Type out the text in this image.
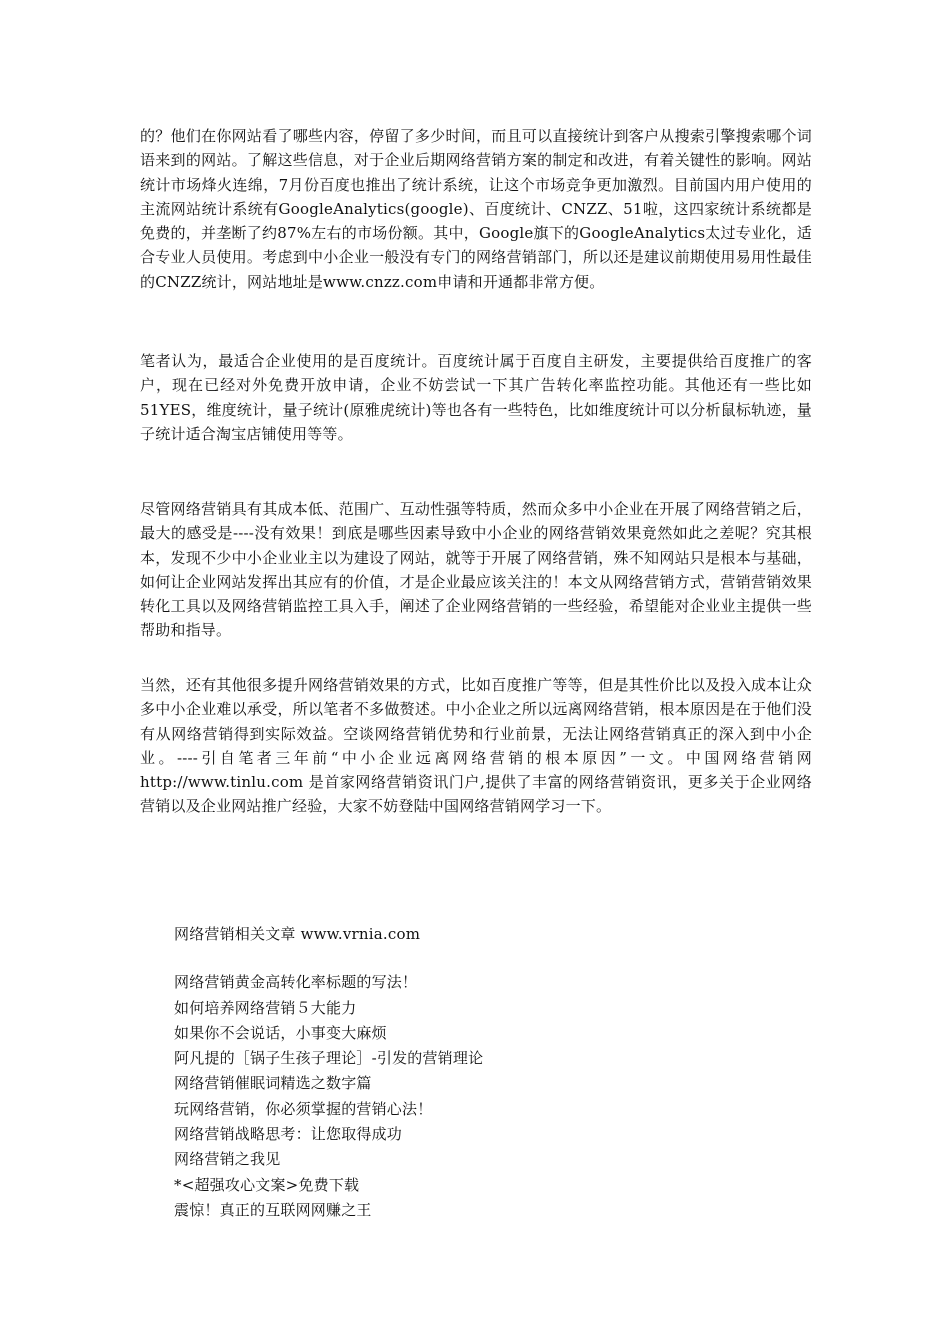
的？他们在你网站看了哪些内容，停留了多少时间，而且可以直接统计到客户从搜索引擎搜索哪个词语来到的网站。了解这些信息，对于企业后期网络营销方案的制定和改进，有着关键性的影响。网站统计市场烽火连绵，7月份百度也推出了统计系统，让这个市场竞争更加激烈。目前国内用户使用的主流网站统计系统有GoogleAnalytics(google)、百度统计、CNZZ、51啦，这四家统计系统都是免费的，并垄断了约87%左右的市场份额。其中，Google旗下的GoogleAnalytics太过专业化，适合专业人员使用。考虑到中小企业一般没有专门的网络营销部门，所以还是建议前期使用易用性最佳的CNZZ统计，网站地址是www.cnzz.com申请和开通都非常方便。

笔者认为，最适合企业使用的是百度统计。百度统计属于百度自主研发，主要提供给百度推广的客户，现在已经对外免费开放申请，企业不妨尝试一下其广告转化率监控功能。其他还有一些比如51YES，维度统计，量子统计(原雅虎统计)等也各有一些特色，比如维度统计可以分析鼠标轨迹，量子统计适合淘宝店铺使用等等。

尽管网络营销具有其成本低、范围广、互动性强等特质，然而众多中小企业在开展了网络营销之后，最大的感受是----没有效果！到底是哪些因素导致中小企业的网络营销效果竟然如此之差呢？究其根本，发现不少中小企业业主以为建设了网站，就等于开展了网络营销，殊不知网站只是根本与基础，如何让企业网站发挥出其应有的价值，才是企业最应该关注的！本文从网络营销方式，营销营销效果转化工具以及网络营销监控工具入手，阐述了企业网络营销的一些经验，希望能对企业业主提供一些帮助和指导。

当然，还有其他很多提升网络营销效果的方式，比如百度推广等等，但是其性价比以及投入成本让众多中小企业难以承受，所以笔者不多做赘述。中小企业之所以远离网络营销，根本原因是在于他们没有从网络营销得到实际效益。空谈网络营销优势和行业前景，无法让网络营销真正的深入到中小企业。----引自笔者三年前“中小企业远离网络营销的根本原因”一文。中国网络营销网 http://www.tinlu.com 是首家网络营销资讯门户,提供了丰富的网络营销资讯，更多关于企业网络营销以及企业网站推广经验，大家不妨登陆中国网络营销网学习一下。

网络营销相关文章 www.vrnia.com

网络营销黄金高转化率标题的写法！
如何培养网络营销５大能力
如果你不会说话，小事变大麻烦
阿凡提的［锅子生孩子理论］-引发的营销理论
网络营销催眠词精选之数字篇
玩网络营销，你必须掌握的营销心法！
网络营销战略思考：让您取得成功
网络营销之我见
*<超强攻心文案>免费下载
震惊！真正的互联网网赚之王
